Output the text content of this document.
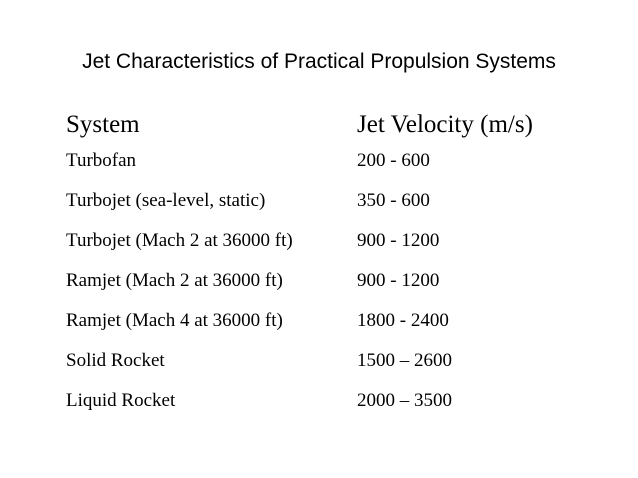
Jet Characteristics of Practical Propulsion Systems
System	Jet Velocity (m/s)
Turbofan	200 - 600
Turbojet (sea-level, static)	350 - 600
Turbojet (Mach 2 at 36000 ft)	900 - 1200
Ramjet (Mach 2 at 36000 ft)	900 - 1200
Ramjet (Mach 4 at 36000 ft)	1800 - 2400
Solid Rocket	1500 – 2600
Liquid Rocket	2000 – 3500
